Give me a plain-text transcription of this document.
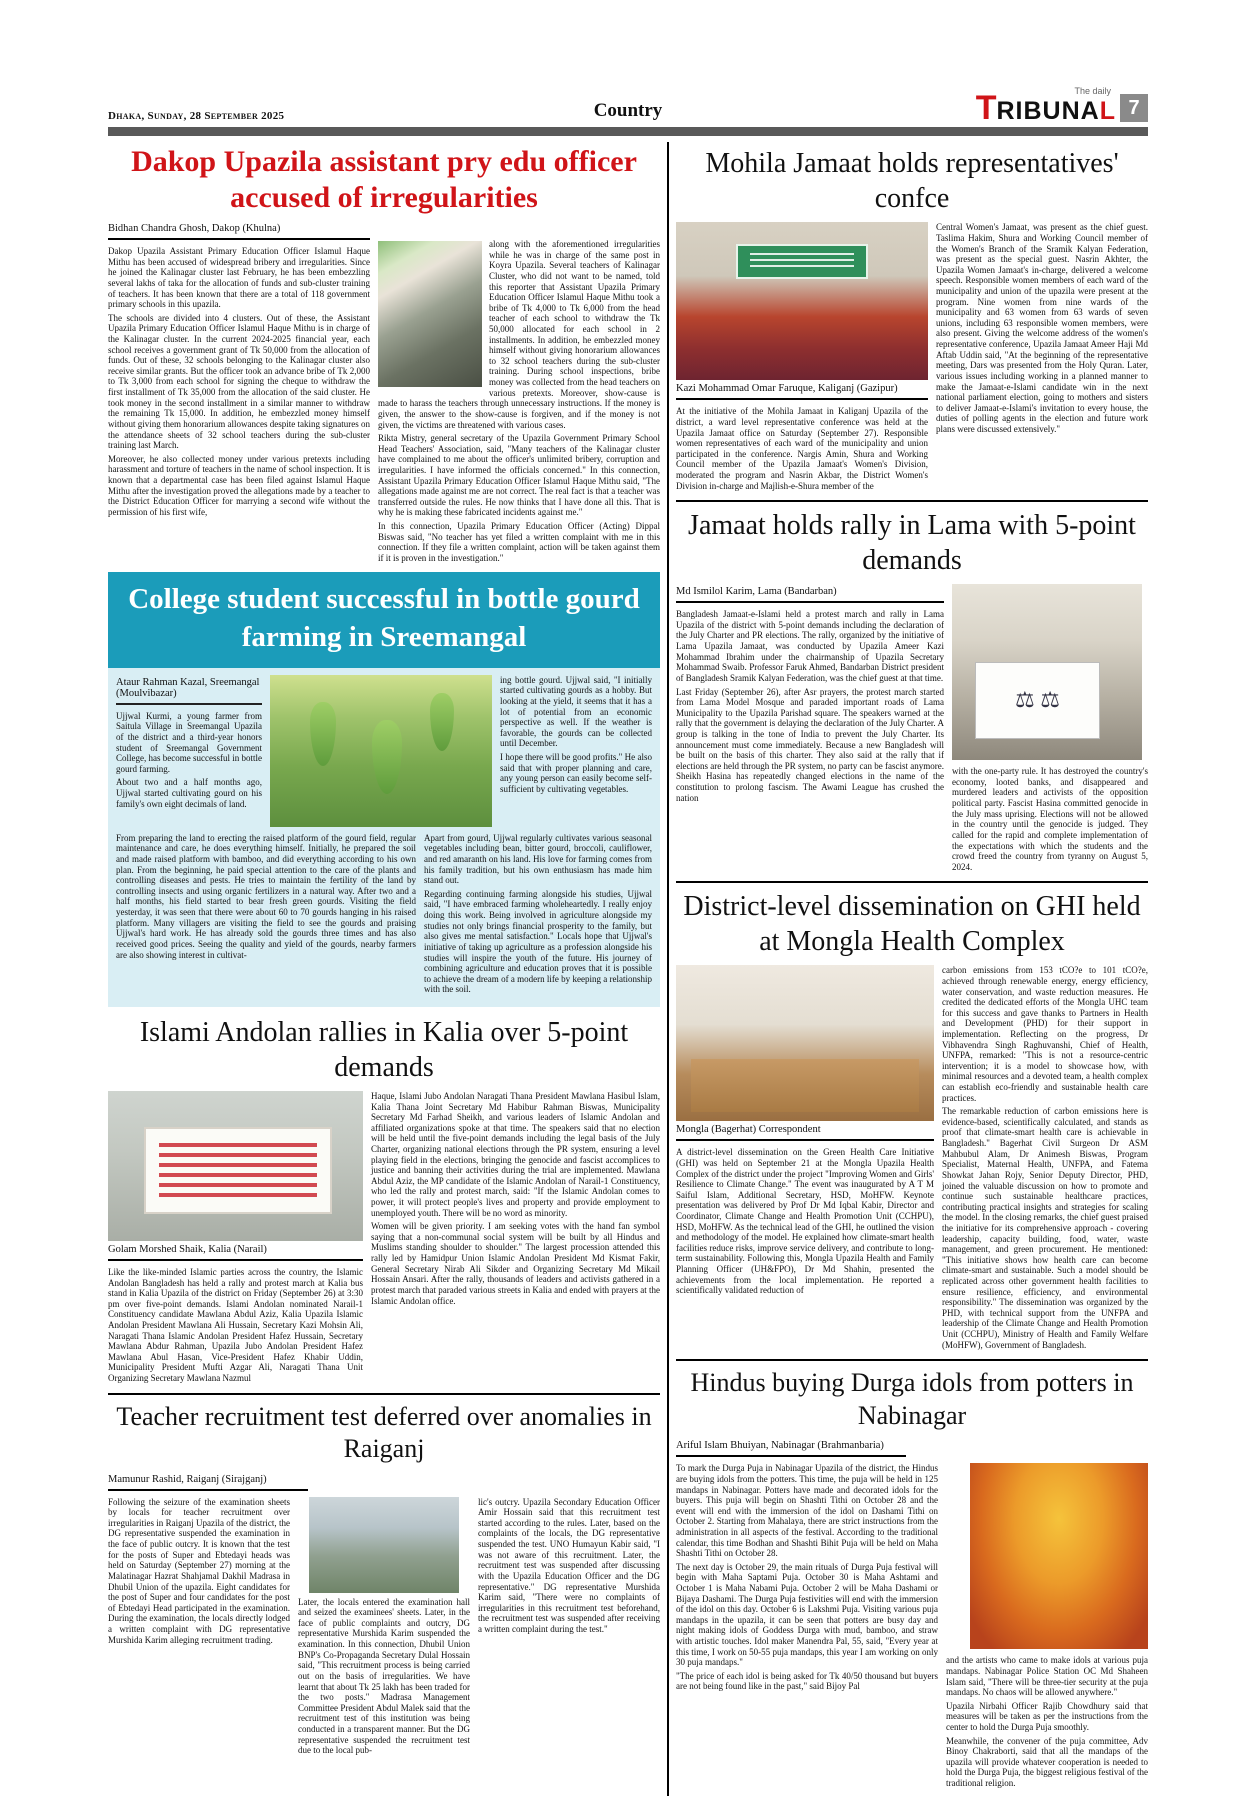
Dhaka, Sunday, 28 September 2025	Country
The daily
TRIBUNAL 7
Dakop Upazila assistant pry edu officer accused of irregularities
Bidhan Chandra Ghosh, Dakop (Khulna)

Dakop Upazila Assistant Primary Education Officer Islamul Haque Mithu has been accused of widespread bribery and irregularities. Since he joined the Kalinagar cluster last February, he has been embezzling several lakhs of taka for the allocation of funds and sub-cluster training of teachers. It has been known that there are a total of 118 government primary schools in this upazila.

The schools are divided into 4 clusters. Out of these, the Assistant Upazila Primary Education Officer Islamul Haque Mithu is in charge of the Kalinagar cluster. In the current 2024-2025 financial year, each school receives a government grant of Tk 50,000 from the allocation of funds. Out of these, 32 schools belonging to the Kalinagar cluster also receive similar grants. But the officer took an advance bribe of Tk 2,000 to Tk 3,000 from each school for signing the cheque to withdraw the first installment of Tk 35,000 from the allocation of the said cluster. He took money in the second installment in a similar manner to withdraw the remaining Tk 15,000. In addition, he embezzled money himself without giving them honorarium allowances despite taking signatures on the attendance sheets of 32 school teachers during the sub-cluster training last March.

Moreover, he also collected money under various pretexts including harassment and torture of teachers in the name of school inspection. It is known that a departmental case has been filed against Islamul Haque Mithu after the investigation proved the allegations made by a teacher to the District Education Officer for marrying a second wife without the permission of his first wife,

along with the aforementioned irregularities while he was in charge of the same post in Koyra Upazila. Several teachers of Kalinagar Cluster, who did not want to be named, told this reporter that Assistant Upazila Primary Education Officer Islamul Haque Mithu took a bribe of Tk 4,000 to Tk 6,000 from the head teacher of each school to withdraw the Tk 50,000 allocated for each school in 2 installments. In addition, he embezzled money himself without giving honorarium allowances to 32 school teachers during the sub-cluster training. During school inspections, bribe money was collected from the head teachers on various pretexts. Moreover, show-cause is made to harass the teachers through unnecessary instructions. If the money is given, the answer to the show-cause is forgiven, and if the money is not given, the victims are threatened with various cases.

Rikta Mistry, general secretary of the Upazila Government Primary School Head Teachers' Association, said, "Many teachers of the Kalinagar cluster have complained to me about the officer's unlimited bribery, corruption and irregularities. I have informed the officials concerned." In this connection, Assistant Upazila Primary Education Officer Islamul Haque Mithu said, "The allegations made against me are not correct. The real fact is that a teacher was transferred outside the rules. He now thinks that I have done all this. That is why he is making these fabricated incidents against me."

In this connection, Upazila Primary Education Officer (Acting) Dippal Biswas said, "No teacher has yet filed a written complaint with me in this connection. If they file a written complaint, action will be taken against them if it is proven in the investigation."

College student successful in bottle gourd farming in Sreemangal
Ataur Rahman Kazal, Sreemangal (Moulvibazar)

Ujjwal Kurmi, a young farmer from Saitula Village in Sreemangal Upazila of the district and a third-year honors student of Sreemangal Government College, has become successful in bottle gourd farming.

About two and a half months ago, Ujjwal started cultivating gourd on his family's own eight decimals of land.

ing bottle gourd. Ujjwal said, "I initially started cultivating gourds as a hobby. But looking at the yield, it seems that it has a lot of potential from an economic perspective as well. If the weather is favorable, the gourds can be collected until December.

I hope there will be good profits." He also said that with proper planning and care, any young person can easily become self-sufficient by cultivating vegetables.

From preparing the land to erecting the raised platform of the gourd field, regular maintenance and care, he does everything himself. Initially, he prepared the soil and made raised platform with bamboo, and did everything according to his own plan. From the beginning, he paid special attention to the care of the plants and controlling diseases and pests. He tries to maintain the fertility of the land by controlling insects and using organic fertilizers in a natural way. After two and a half months, his field started to bear fresh green gourds. Visiting the field yesterday, it was seen that there were about 60 to 70 gourds hanging in his raised platform. Many villagers are visiting the field to see the gourds and praising Ujjwal's hard work. He has already sold the gourds three times and has also received good prices. Seeing the quality and yield of the gourds, nearby farmers are also showing interest in cultivat-

Apart from gourd, Ujjwal regularly cultivates various seasonal vegetables including bean, bitter gourd, broccoli, cauliflower, and red amaranth on his land. His love for farming comes from his family tradition, but his own enthusiasm has made him stand out.

Regarding continuing farming alongside his studies, Ujjwal said, "I have embraced farming wholeheartedly. I really enjoy doing this work. Being involved in agriculture alongside my studies not only brings financial prosperity to the family, but also gives me mental satisfaction." Locals hope that Ujjwal's initiative of taking up agriculture as a profession alongside his studies will inspire the youth of the future. His journey of combining agriculture and education proves that it is possible to achieve the dream of a modern life by keeping a relationship with the soil.

Islami Andolan rallies in Kalia over 5-point demands
Golam Morshed Shaik, Kalia (Narail)

Like the like-minded Islamic parties across the country, the Islamic Andolan Bangladesh has held a rally and protest march at Kalia bus stand in Kalia Upazila of the district on Friday (September 26) at 3:30 pm over five-point demands. Islami Andolan nominated Narail-1 Constituency candidate Mawlana Abdul Aziz, Kalia Upazila Islamic Andolan President Mawlana Ali Hussain, Secretary Kazi Mohsin Ali, Naragati Thana Islamic Andolan President Hafez Hussain, Secretary Mawlana Abdur Rahman, Upazila Jubo Andolan President Hafez Mawlana Abul Hasan, Vice-President Hafez Khabir Uddin, Municipality President Mufti Azgar Ali, Naragati Thana Unit Organizing Secretary Mawlana Nazmul

Haque, Islami Jubo Andolan Naragati Thana President Mawlana Hasibul Islam, Kalia Thana Joint Secretary Md Habibur Rahman Biswas, Municipality Secretary Md Farhad Sheikh, and various leaders of Islamic Andolan and affiliated organizations spoke at that time. The speakers said that no election will be held until the five-point demands including the legal basis of the July Charter, organizing national elections through the PR system, ensuring a level playing field in the elections, bringing the genocide and fascist accomplices to justice and banning their activities during the trial are implemented. Mawlana Abdul Aziz, the MP candidate of the Islamic Andolan of Narail-1 Constituency, who led the rally and protest march, said: "If the Islamic Andolan comes to power, it will protect people's lives and property and provide employment to unemployed youth. There will be no word as minority.

Women will be given priority. I am seeking votes with the hand fan symbol saying that a non-communal social system will be built by all Hindus and Muslims standing shoulder to shoulder." The largest procession attended this rally led by Hamidpur Union Islamic Andolan President Md Kismat Fakir, General Secretary Nirab Ali Sikder and Organizing Secretary Md Mikail Hossain Ansari. After the rally, thousands of leaders and activists gathered in a protest march that paraded various streets in Kalia and ended with prayers at the Islamic Andolan office.

Teacher recruitment test deferred over anomalies in Raiganj
Mamunur Rashid, Raiganj (Sirajganj)

Following the seizure of the examination sheets by locals for teacher recruitment over irregularities in Raiganj Upazila of the district, the DG representative suspended the examination in the face of public outcry. It is known that the test for the posts of Super and Ebtedayi heads was held on Saturday (September 27) morning at the Malatinagar Hazrat Shahjamal Dakhil Madrasa in Dhubil Union of the upazila. Eight candidates for the post of Super and four candidates for the post of Ebtedayi Head participated in the examination. During the examination, the locals directly lodged a written complaint with DG representative Murshida Karim alleging recruitment trading.

Later, the locals entered the examination hall and seized the examinees' sheets. Later, in the face of public complaints and outcry, DG representative Murshida Karim suspended the examination. In this connection, Dhubil Union BNP's Co-Propaganda Secretary Dulal Hossain said, "This recruitment process is being carried out on the basis of irregularities. We have learnt that about Tk 25 lakh has been traded for the two posts." Madrasa Management Committee President Abdul Malek said that the recruitment test of this institution was being conducted in a transparent manner. But the DG representative suspended the recruitment test due to the local pub-

lic's outcry. Upazila Secondary Education Officer Amir Hossain said that this recruitment test started according to the rules. Later, based on the complaints of the locals, the DG representative suspended the test. UNO Humayun Kabir said, "I was not aware of this recruitment. Later, the recruitment test was suspended after discussing with the Upazila Education Officer and the DG representative." DG representative Murshida Karim said, "There were no complaints of irregularities in this recruitment test beforehand, the recruitment test was suspended after receiving a written complaint during the test."

Mohila Jamaat holds representatives' confce
Kazi Mohammad Omar Faruque, Kaliganj (Gazipur)

At the initiative of the Mohila Jamaat in Kaliganj Upazila of the district, a ward level representative conference was held at the Upazila Jamaat office on Saturday (September 27). Responsible women representatives of each ward of the municipality and union participated in the conference. Nargis Amin, Shura and Working Council member of the Upazila Jamaat's Women's Division, moderated the program and Nasrin Akbar, the District Women's Division in-charge and Majlish-e-Shura member of the

Central Women's Jamaat, was present as the chief guest. Taslima Hakim, Shura and Working Council member of the Women's Branch of the Sramik Kalyan Federation, was present as the special guest. Nasrin Akhter, the Upazila Women Jamaat's in-charge, delivered a welcome speech. Responsible women members of each ward of the municipality and union of the upazila were present at the program. Nine women from nine wards of the municipality and 63 women from 63 wards of seven unions, including 63 responsible women members, were also present. Giving the welcome address of the women's representative conference, Upazila Jamaat Ameer Haji Md Aftab Uddin said, "At the beginning of the representative meeting, Dars was presented from the Holy Quran. Later, various issues including working in a planned manner to make the Jamaat-e-Islami candidate win in the next national parliament election, going to mothers and sisters to deliver Jamaat-e-Islami's invitation to every house, the duties of polling agents in the election and future work plans were discussed extensively."

Jamaat holds rally in Lama with 5-point demands
Md Ismilol Karim, Lama (Bandarban)

Bangladesh Jamaat-e-Islami held a protest march and rally in Lama Upazila of the district with 5-point demands including the declaration of the July Charter and PR elections. The rally, organized by the initiative of Lama Upazila Jamaat, was conducted by Upazila Ameer Kazi Mohammad Ibrahim under the chairmanship of Upazila Secretary Mohammad Swaib. Professor Faruk Ahmed, Bandarban District president of Bangladesh Sramik Kalyan Federation, was the chief guest at that time.

Last Friday (September 26), after Asr prayers, the protest march started from Lama Model Mosque and paraded important roads of Lama Municipality to the Upazila Parishad square. The speakers warned at the rally that the government is delaying the declaration of the July Charter. A group is talking in the tone of India to prevent the July Charter. Its announcement must come immediately. Because a new Bangladesh will be built on the basis of this charter. They also said at the rally that if elections are held through the PR system, no party can be fascist anymore. Sheikh Hasina has repeatedly changed elections in the name of the constitution to prolong fascism. The Awami League has crushed the nation

⚖ ⚖

with the one-party rule. It has destroyed the country's economy, looted banks, and disappeared and murdered leaders and activists of the opposition political party. Fascist Hasina committed genocide in the July mass uprising. Elections will not be allowed in the country until the genocide is judged. They called for the rapid and complete implementation of the expectations with which the students and the crowd freed the country from tyranny on August 5, 2024.

District-level dissemination on GHI held at Mongla Health Complex
Mongla (Bagerhat) Correspondent

A district-level dissemination on the Green Health Care Initiative (GHI) was held on September 21 at the Mongla Upazila Health Complex of the district under the project "Improving Women and Girls' Resilience to Climate Change." The event was inaugurated by A T M Saiful Islam, Additional Secretary, HSD, MoHFW. Keynote presentation was delivered by Prof Dr Md Iqbal Kabir, Director and Coordinator, Climate Change and Health Promotion Unit (CCHPU), HSD, MoHFW. As the technical lead of the GHI, he outlined the vision and methodology of the model. He explained how climate-smart health facilities reduce risks, improve service delivery, and contribute to long-term sustainability. Following this, Mongla Upazila Health and Family Planning Officer (UH&FPO), Dr Md Shahin, presented the achievements from the local implementation. He reported a scientifically validated reduction of

carbon emissions from 153 tCO?e to 101 tCO?e, achieved through renewable energy, energy efficiency, water conservation, and waste reduction measures. He credited the dedicated efforts of the Mongla UHC team for this success and gave thanks to Partners in Health and Development (PHD) for their support in implementation. Reflecting on the progress, Dr Vibhavendra Singh Raghuvanshi, Chief of Health, UNFPA, remarked: "This is not a resource-centric intervention; it is a model to showcase how, with minimal resources and a devoted team, a health complex can establish eco-friendly and sustainable health care practices.

The remarkable reduction of carbon emissions here is evidence-based, scientifically calculated, and stands as proof that climate-smart health care is achievable in Bangladesh." Bagerhat Civil Surgeon Dr ASM Mahbubul Alam, Dr Animesh Biswas, Program Specialist, Maternal Health, UNFPA, and Fatema Showkat Jahan Rojy, Senior Deputy Director, PHD, joined the valuable discussion on how to promote and continue such sustainable healthcare practices, contributing practical insights and strategies for scaling the model. In the closing remarks, the chief guest praised the initiative for its comprehensive approach - covering leadership, capacity building, food, water, waste management, and green procurement. He mentioned: "This initiative shows how health care can become climate-smart and sustainable. Such a model should be replicated across other government health facilities to ensure resilience, efficiency, and environmental responsibility." The dissemination was organized by the PHD, with technical support from the UNFPA and leadership of the Climate Change and Health Promotion Unit (CCHPU), Ministry of Health and Family Welfare (MoHFW), Government of Bangladesh.

Hindus buying Durga idols from potters in Nabinagar
Ariful Islam Bhuiyan, Nabinagar (Brahmanbaria)

To mark the Durga Puja in Nabinagar Upazila of the district, the Hindus are buying idols from the potters. This time, the puja will be held in 125 mandaps in Nabinagar. Potters have made and decorated idols for the buyers. This puja will begin on Shashti Tithi on October 28 and the event will end with the immersion of the idol on Dashami Tithi on October 2. Starting from Mahalaya, there are strict instructions from the administration in all aspects of the festival. According to the traditional calendar, this time Bodhan and Shashti Bihit Puja will be held on Maha Shashti Tithi on October 28.

The next day is October 29, the main rituals of Durga Puja festival will begin with Maha Saptami Puja. October 30 is Maha Ashtami and October 1 is Maha Nabami Puja. October 2 will be Maha Dashami or Bijaya Dashami. The Durga Puja festivities will end with the immersion of the idol on this day. October 6 is Lakshmi Puja. Visiting various puja mandaps in the upazila, it can be seen that potters are busy day and night making idols of Goddess Durga with mud, bamboo, and straw with artistic touches. Idol maker Manendra Pal, 55, said, "Every year at this time, I work on 50-55 puja mandaps, this year I am working on only 30 puja mandaps."

"The price of each idol is being asked for Tk 40/50 thousand but buyers are not being found like in the past," said Bijoy Pal

and the artists who came to make idols at various puja mandaps. Nabinagar Police Station OC Md Shaheen Islam said, "There will be three-tier security at the puja mandaps. No chaos will be allowed anywhere."

Upazila Nirbahi Officer Rajib Chowdhury said that measures will be taken as per the instructions from the center to hold the Durga Puja smoothly.

Meanwhile, the convener of the puja committee, Adv Binoy Chakraborti, said that all the mandaps of the upazila will provide whatever cooperation is needed to hold the Durga Puja, the biggest religious festival of the traditional religion.
